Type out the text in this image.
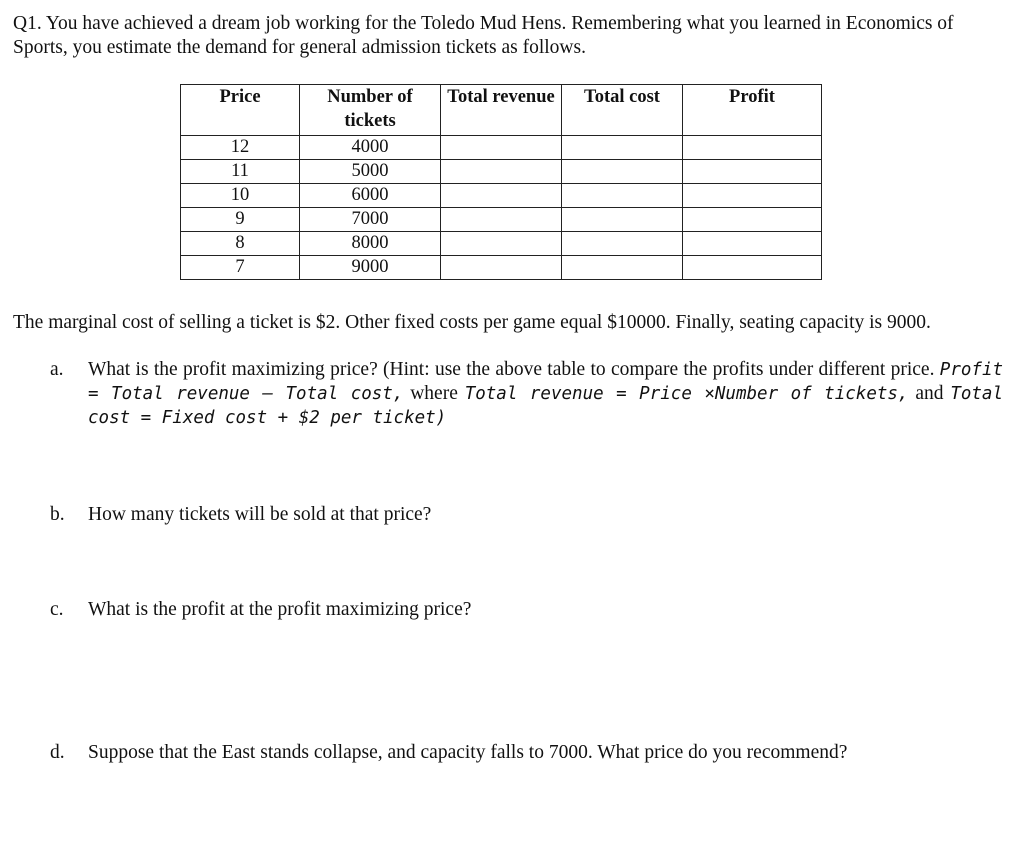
Q1. You have achieved a dream job working for the Toledo Mud Hens. Remembering what you learned in Economics of Sports, you estimate the demand for general admission tickets as follows.
Price	Number of tickets	Total revenue	Total cost	Profit
12	4000			
11	5000			
10	6000			
9	7000			
8	8000			
7	9000			
The marginal cost of selling a ticket is $2. Other fixed costs per game equal $10000. Finally, seating capacity is 9000.
a. What is the profit maximizing price? (Hint: use the above table to compare the profits under different price. Profit = Total revenue – Total cost, where Total revenue = Price ×Number of tickets, and Total cost = Fixed cost + $2 per ticket)
b. How many tickets will be sold at that price?
c. What is the profit at the profit maximizing price?
d. Suppose that the East stands collapse, and capacity falls to 7000. What price do you recommend?
